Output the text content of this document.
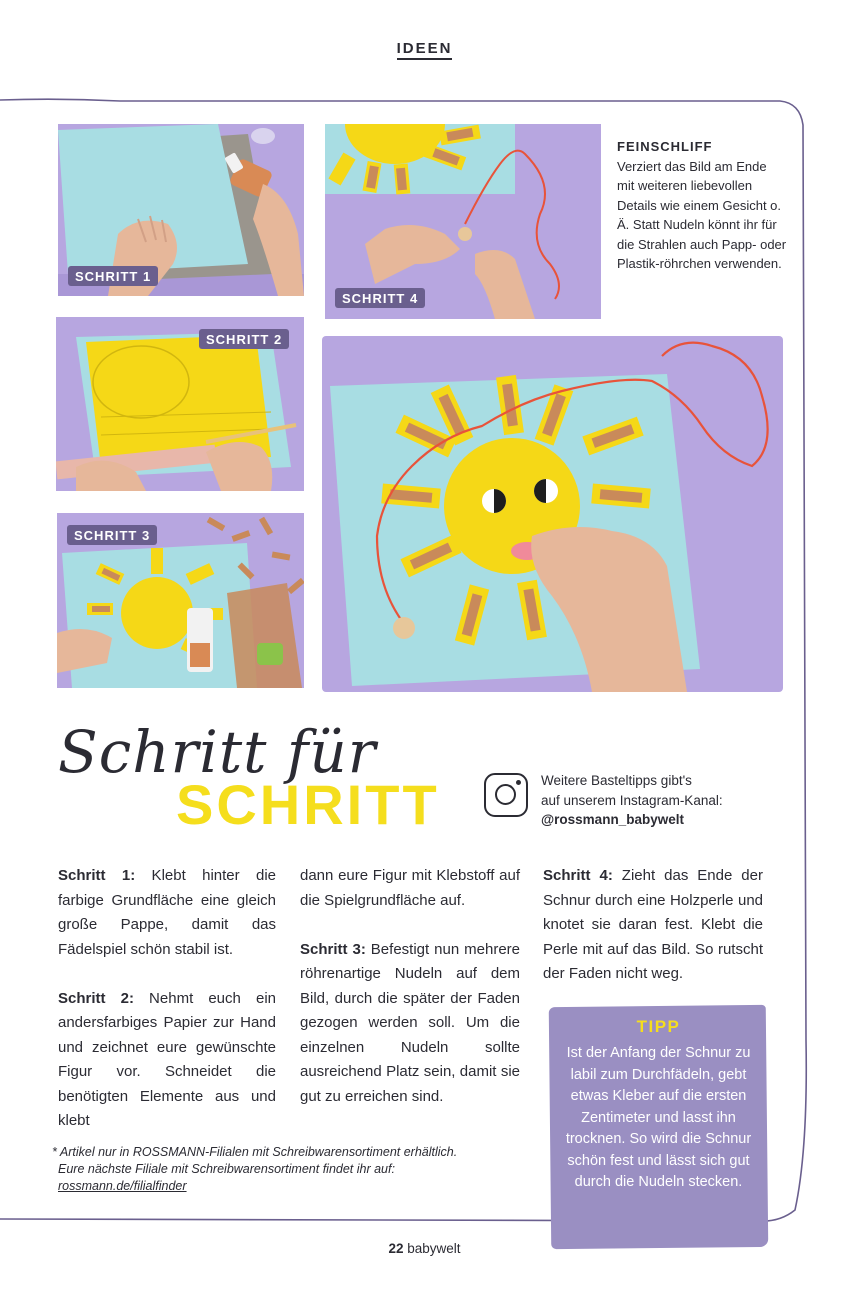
IDEEN
SCHRITT 1
SCHRITT 4
FEINSCHLIFF
Verziert das Bild am Ende mit weiteren liebevollen Details wie einem Gesicht o. Ä. Statt Nudeln könnt ihr für die Strahlen auch Papp- oder Plastik-röhrchen verwenden.
SCHRITT 2
SCHRITT 3
Schritt für
SCHRITT	Weitere Basteltipps gibt's
auf unserem Instagram-Kanal:
@rossmann_babywelt

Schritt 1: Klebt hinter die farbige Grundfläche eine gleich große Pappe, damit das Fädelspiel schön stabil ist.

Schritt 2: Nehmt euch ein andersfarbiges Papier zur Hand und zeichnet eure gewünschte Figur vor. Schneidet die benötigten Elemente aus und klebt

dann eure Figur mit Klebstoff auf die Spielgrundfläche auf.

Schritt 3: Befestigt nun mehrere röhrenartige Nudeln auf dem Bild, durch die später der Faden gezogen werden soll. Um die einzelnen Nudeln sollte ausreichend Platz sein, damit sie gut zu erreichen sind.

Schritt 4: Zieht das Ende der Schnur durch eine Holzperle und knotet sie daran fest. Klebt die Perle mit auf das Bild. So rutscht der Faden nicht weg.

TIPP
Ist der Anfang der Schnur zu labil zum Durchfädeln, gebt etwas Kleber auf die ersten Zentimeter und lasst ihn trocknen. So wird die Schnur schön fest und lässt sich gut durch die Nudeln stecken.
* Artikel nur in ROSSMANN-Filialen mit Schreibwarensortiment erhältlich.
Eure nächste Filiale mit Schreibwarensortiment findet ihr auf:
rossmann.de/filialfinder
22 babywelt
